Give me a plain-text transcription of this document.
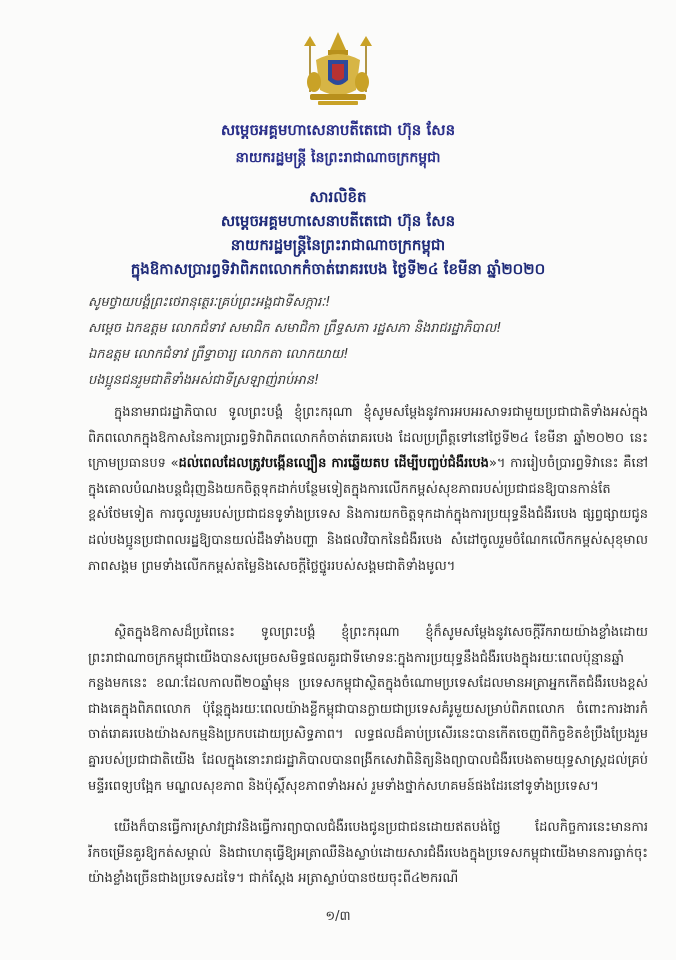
សម្ដេចអគ្គមហាសេនាបតីតេជោ ហ៊ុន សែន
នាយករដ្ឋមន្ត្រី នៃព្រះរាជាណាចក្រកម្ពុជា
សារលិខិត
សម្ដេចអគ្គមហាសេនាបតីតេជោ ហ៊ុន សែន
នាយករដ្ឋមន្ត្រីនៃព្រះរាជាណាចក្រកម្ពុជា
ក្នុងឱកាសប្រារព្ធទិវាពិភពលោកកំចាត់រោគរបេង ថ្ងៃទី២៤ ខែមីនា ឆ្នាំ២០២០
សូមថ្វាយបង្គំព្រះថេរានុត្ថេរៈគ្រប់ព្រះអង្គជាទីសក្ការៈ!
សម្ដេច ឯកឧត្តម លោកជំទាវ សមាជិក សមាជិកា ព្រឹទ្ធសភា រដ្ឋសភា និងរាជរដ្ឋាភិបាល!
ឯកឧត្តម លោកជំទាវ ព្រឹទ្ធាចារ្យ លោកតា លោកយាយ!
បងប្អូនជនរួមជាតិទាំងអស់ជាទីស្រឡាញ់រាប់អាន!
  ក្នុងនាមរាជរដ្ឋាភិបាល ទូលព្រះបង្គំ ខ្ញុំព្រះករុណា ខ្ញុំសូមសម្ដែងនូវការអបអរសាទរជាមួយប្រជាជាតិទាំងអស់ក្នុងពិភពលោកក្នុងឱកាសនៃការប្រារព្ធទិវាពិភពលោកកំចាត់រោគរបេង ដែលប្រព្រឹត្តទៅនៅថ្ងៃទី២៤ ខែមីនា ឆ្នាំ២០២០ នេះ ក្រោមប្រធានបទ «ដល់ពេលដែលត្រូវបង្កើនល្បឿន ការឆ្លើយតប ដើម្បីបញ្ចប់ជំងឺរបេង»។ ការរៀបចំប្រារព្ធទិវានេះ គឺនៅក្នុងគោលបំណងបន្តជំរុញនិងយកចិត្តទុកដាក់បន្ថែមទៀតក្នុងការលើកកម្ពស់សុខភាពរបស់ប្រជាជនឱ្យបានកាន់តែខ្ពស់ថែមទៀត ការចូលរួមរបស់ប្រជាជនទូទាំងប្រទេស និងការយកចិត្តទុកដាក់ក្នុងការប្រយុទ្ធនឹងជំងឺរបេង ផ្សព្វផ្សាយជូនដល់បងប្អូនប្រជាពលរដ្ឋឱ្យបានយល់ដឹងទាំងបញ្ហា និងផលវិបាកនៃជំងឺរបេង សំដៅចូលរួមចំណែកលើកកម្ពស់សុខុមាលភាពសង្គម ព្រមទាំងលើកកម្ពស់តម្លៃនិងសេចក្ដីថ្លៃថ្នូររបស់សង្គមជាតិទាំងមូល។
  ស្ថិតក្នុងឱកាសដ៏ប្រពៃនេះ ទូលព្រះបង្គំ ខ្ញុំព្រះករុណា ខ្ញុំក៏សូមសម្ដែងនូវសេចក្ដីរីករាយយ៉ាងខ្លាំងដោយព្រះរាជាណាចក្រកម្ពុជាយើងបានសម្រេចសមិទ្ធផលគួរជាទីមោទនៈក្នុងការប្រយុទ្ធនឹងជំងឺរបេងក្នុងរយៈពេលប៉ុន្មានឆ្នាំកន្លងមកនេះ ខណៈដែលកាលពី២០ឆ្នាំមុន ប្រទេសកម្ពុជាស្ថិតក្នុងចំណោមប្រទេសដែលមានអត្រាអ្នកកើតជំងឺរបេងខ្ពស់ជាងគេក្នុងពិភពលោក ប៉ុន្តែក្នុងរយៈពេលយ៉ាងខ្លីកម្ពុជាបានក្លាយជាប្រទេសគំរូមួយសម្រាប់ពិភពលោក ចំពោះការងារកំចាត់រោគរបេងយ៉ាងសកម្មនិងប្រកបដោយប្រសិទ្ធភាព។ លទ្ធផលដ៏គាប់ប្រសើរនេះបានកើតចេញពីកិច្ចខិតខំប្រឹងប្រែងរួមគ្នារបស់ប្រជាជាតិយើង ដែលក្នុងនោះរាជរដ្ឋាភិបាលបានពង្រីកសេវាពិនិត្យនិងព្យាបាលជំងឺរបេងតាមយុទ្ធសាស្ត្រដល់គ្រប់មន្ទីរពេទ្យបង្អែក មណ្ឌលសុខភាព និងប៉ុស្តិ៍សុខភាពទាំងអស់ រួមទាំងថ្នាក់សហគមន៍ផងដែរនៅទូទាំងប្រទេស។
  យើងក៏បានធ្វើការស្រាវជ្រាវនិងធ្វើការព្យាបាលជំងឺរបេងជូនប្រជាជនដោយឥតបង់ថ្លៃ ដែលកិច្ចការនេះមានការរីកចម្រើនគួរឱ្យកត់សម្គាល់ និងជាហេតុធ្វើឱ្យអត្រាឈឺនិងស្លាប់ដោយសារជំងឺរបេងក្នុងប្រទេសកម្ពុជាយើងមានការធ្លាក់ចុះយ៉ាងខ្លាំងច្រើនជាងប្រទេសដទៃ។ ជាក់ស្ដែង អត្រាស្លាប់បានថយចុះពី៤២ករណី
១/៣
